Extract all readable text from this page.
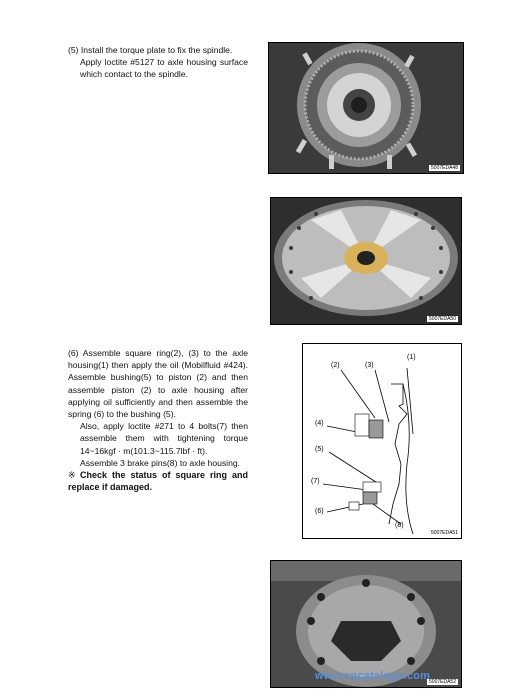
(5) Install the torque plate to fix the spindle.

Apply loctite #5127 to axle housing surface which contact to the spindle.

5007EDA48
5007EDA50

(6) Assemble square ring(2), (3) to the axle housing(1) then apply the oil (Mobilfluid #424). Assemble bushing(5) to piston (2) and then assemble piston (2) to axle housing after applying oil sufficiently and then assemble the spring (6) to the bushing (5).

Also, apply loctite #271 to 4 bolts(7) then assemble them with tightening torque 14~16kgf · m(101.3~115.7lbf · ft).

Assemble 3 brake pins(8) to axle housing.

※ Check the status of square ring and replace if damaged.

(1)
(2)	(3)
(4)
(5)
(7)
(6)
(8)
5007EDA51
5007EDA52
www.epcatalogs.com
